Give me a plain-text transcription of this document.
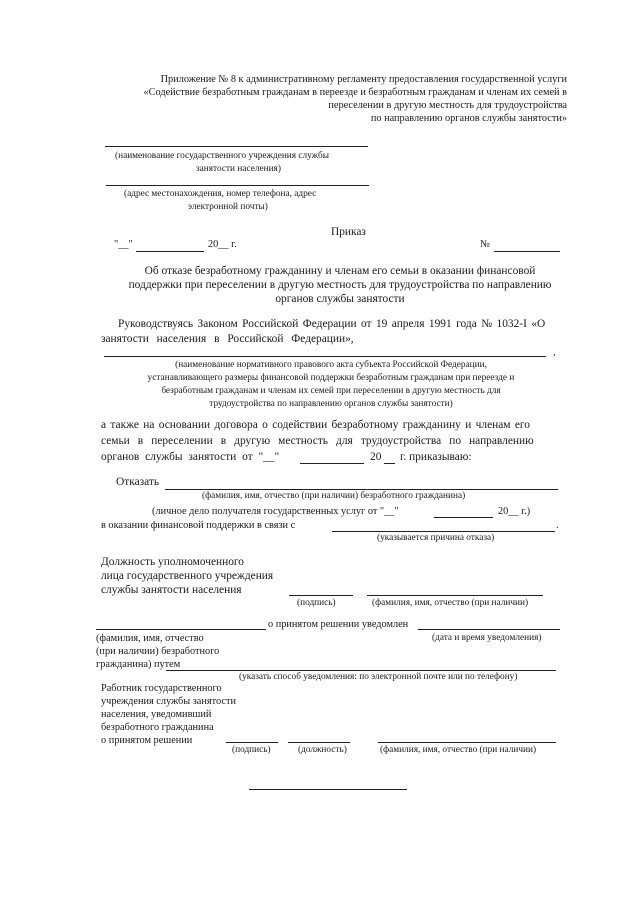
Приложение № 8 к административному регламенту предоставления государственной услуги
«Содействие безработным гражданам в переезде и безработным гражданам и членам их семей в
переселении в другую местность для трудоустройства
по направлению органов службы занятости»
(наименование государственного учреждения службы
занятости населения)
(адрес местонахождения, номер телефона, адрес
электронной почты)
Приказ
"__"	20__ г.	№
Об отказе безработному гражданину и членам его семьи в оказании финансовой
поддержки при переселении в другую местность для трудоустройства по направлению
органов службы занятости
Руководствуясь Законом Российской Федерации от 19 апреля 1991 года № 1032-I «О
занятости населения в Российской Федерации»,
,
(наименование нормативного правового акта субъекта Российской Федерации,
устанавливающего размеры финансовой поддержки безработным гражданам при переезде и
безработным гражданам и членам их семей при переселении в другую местность для
трудоустройства по направлению органов службы занятости)
а также на основании договора о содействии безработному гражданину и членам его
семьи в переселении в другую местность для трудоустройства по направлению
органов службы занятости от "__"	20 г. приказываю:
Отказать
(фамилия, имя, отчество (при наличии) безработного гражданина)
(личное дело получателя государственных услуг от "__"	20__ г.)
в оказании финансовой поддержки в связи с	.
(указывается причина отказа)
Должность уполномоченного
лица государственного учреждения
службы занятости населения
(подпись)	(фамилия, имя, отчество (при наличии)
о принятом решении уведомлен
(дата и время уведомления)
(фамилия, имя, отчество
(при наличии) безработного
гражданина) путем
(указать способ уведомления: по электронной почте или по телефону)
Работник государственного
учреждения службы занятости
населения, уведомивший
безработного гражданина
о принятом решении
(подпись)	(должность)	(фамилия, имя, отчество (при наличии)
